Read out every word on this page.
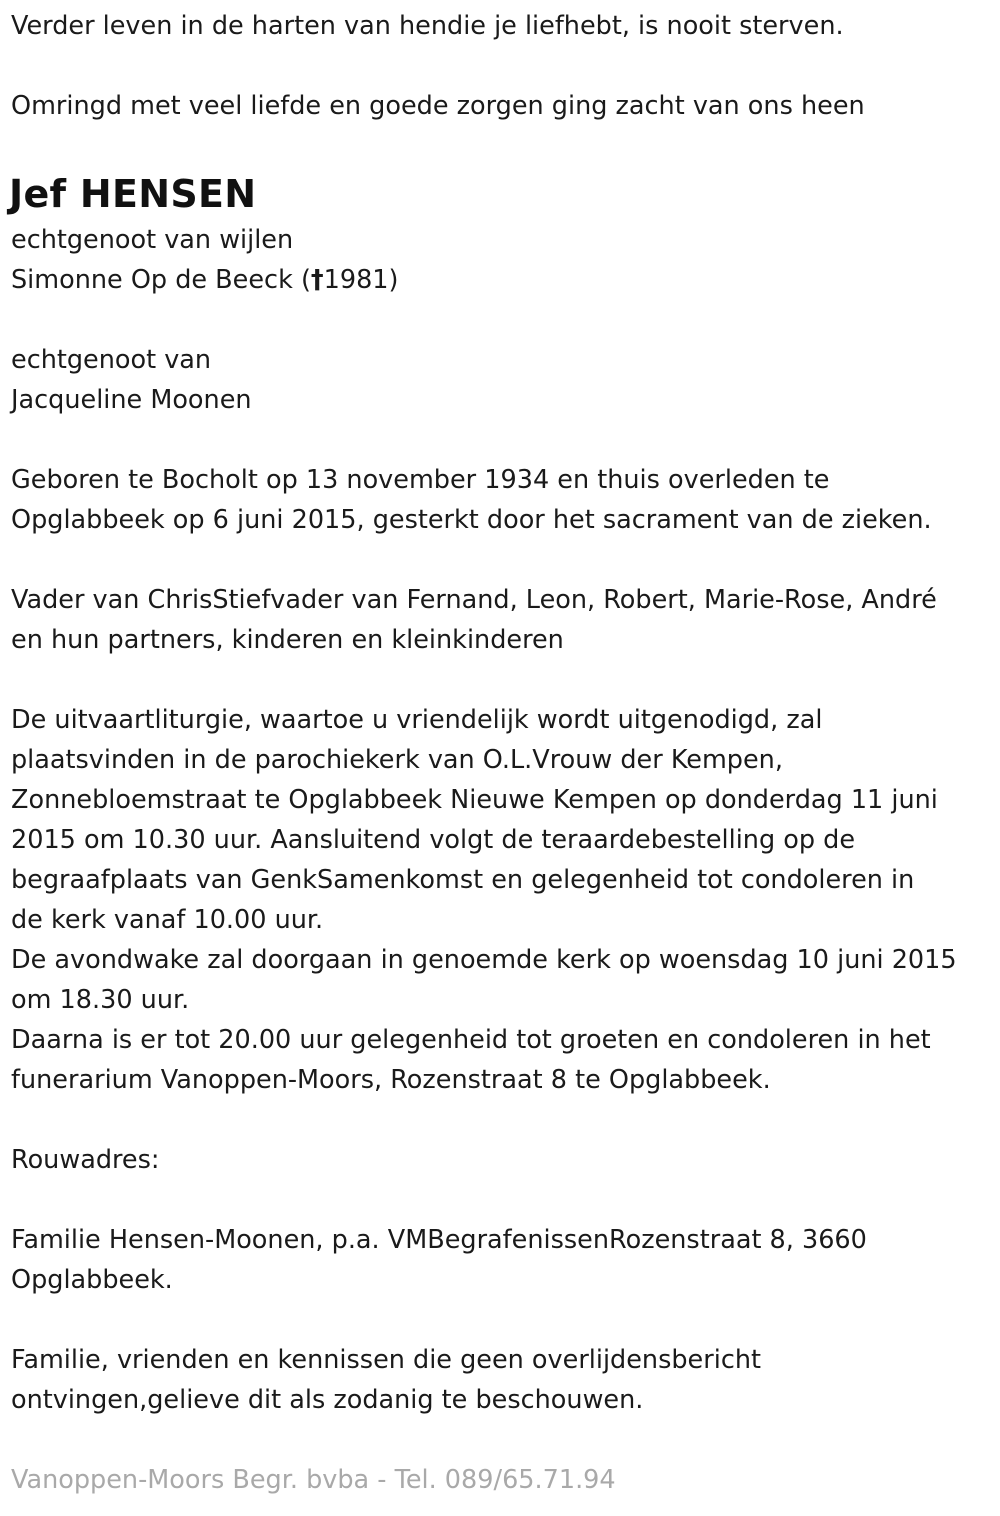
Verder leven in de harten van hendie je liefhebt, is nooit sterven.

Omringd met veel liefde en goede zorgen ging zacht van ons heen

Jef HENSEN

echtgenoot van wijlen

Simonne Op de Beeck (†1981)

echtgenoot van

Jacqueline Moonen

Geboren te Bocholt op 13 november 1934 en thuis overleden te

Opglabbeek op 6 juni 2015, gesterkt door het sacrament van de zieken.

Vader van ChrisStiefvader van Fernand, Leon, Robert, Marie-Rose, André

en hun partners, kinderen en kleinkinderen

De uitvaartliturgie, waartoe u vriendelijk wordt uitgenodigd, zal

plaatsvinden in de parochiekerk van O.L.Vrouw der Kempen,

Zonnebloemstraat te Opglabbeek Nieuwe Kempen op donderdag 11 juni

2015 om 10.30 uur. Aansluitend volgt de teraardebestelling op de

begraafplaats van GenkSamenkomst en gelegenheid tot condoleren in

de kerk vanaf 10.00 uur.

De avondwake zal doorgaan in genoemde kerk op woensdag 10 juni 2015

om 18.30 uur.

Daarna is er tot 20.00 uur gelegenheid tot groeten en condoleren in het

funerarium Vanoppen-Moors, Rozenstraat 8 te Opglabbeek.

Rouwadres:

Familie Hensen-Moonen, p.a. VMBegrafenissenRozenstraat 8, 3660

Opglabbeek.

Familie, vrienden en kennissen die geen overlijdensbericht

ontvingen,gelieve dit als zodanig te beschouwen.

Vanoppen-Moors Begr. bvba - Tel. 089/65.71.94
